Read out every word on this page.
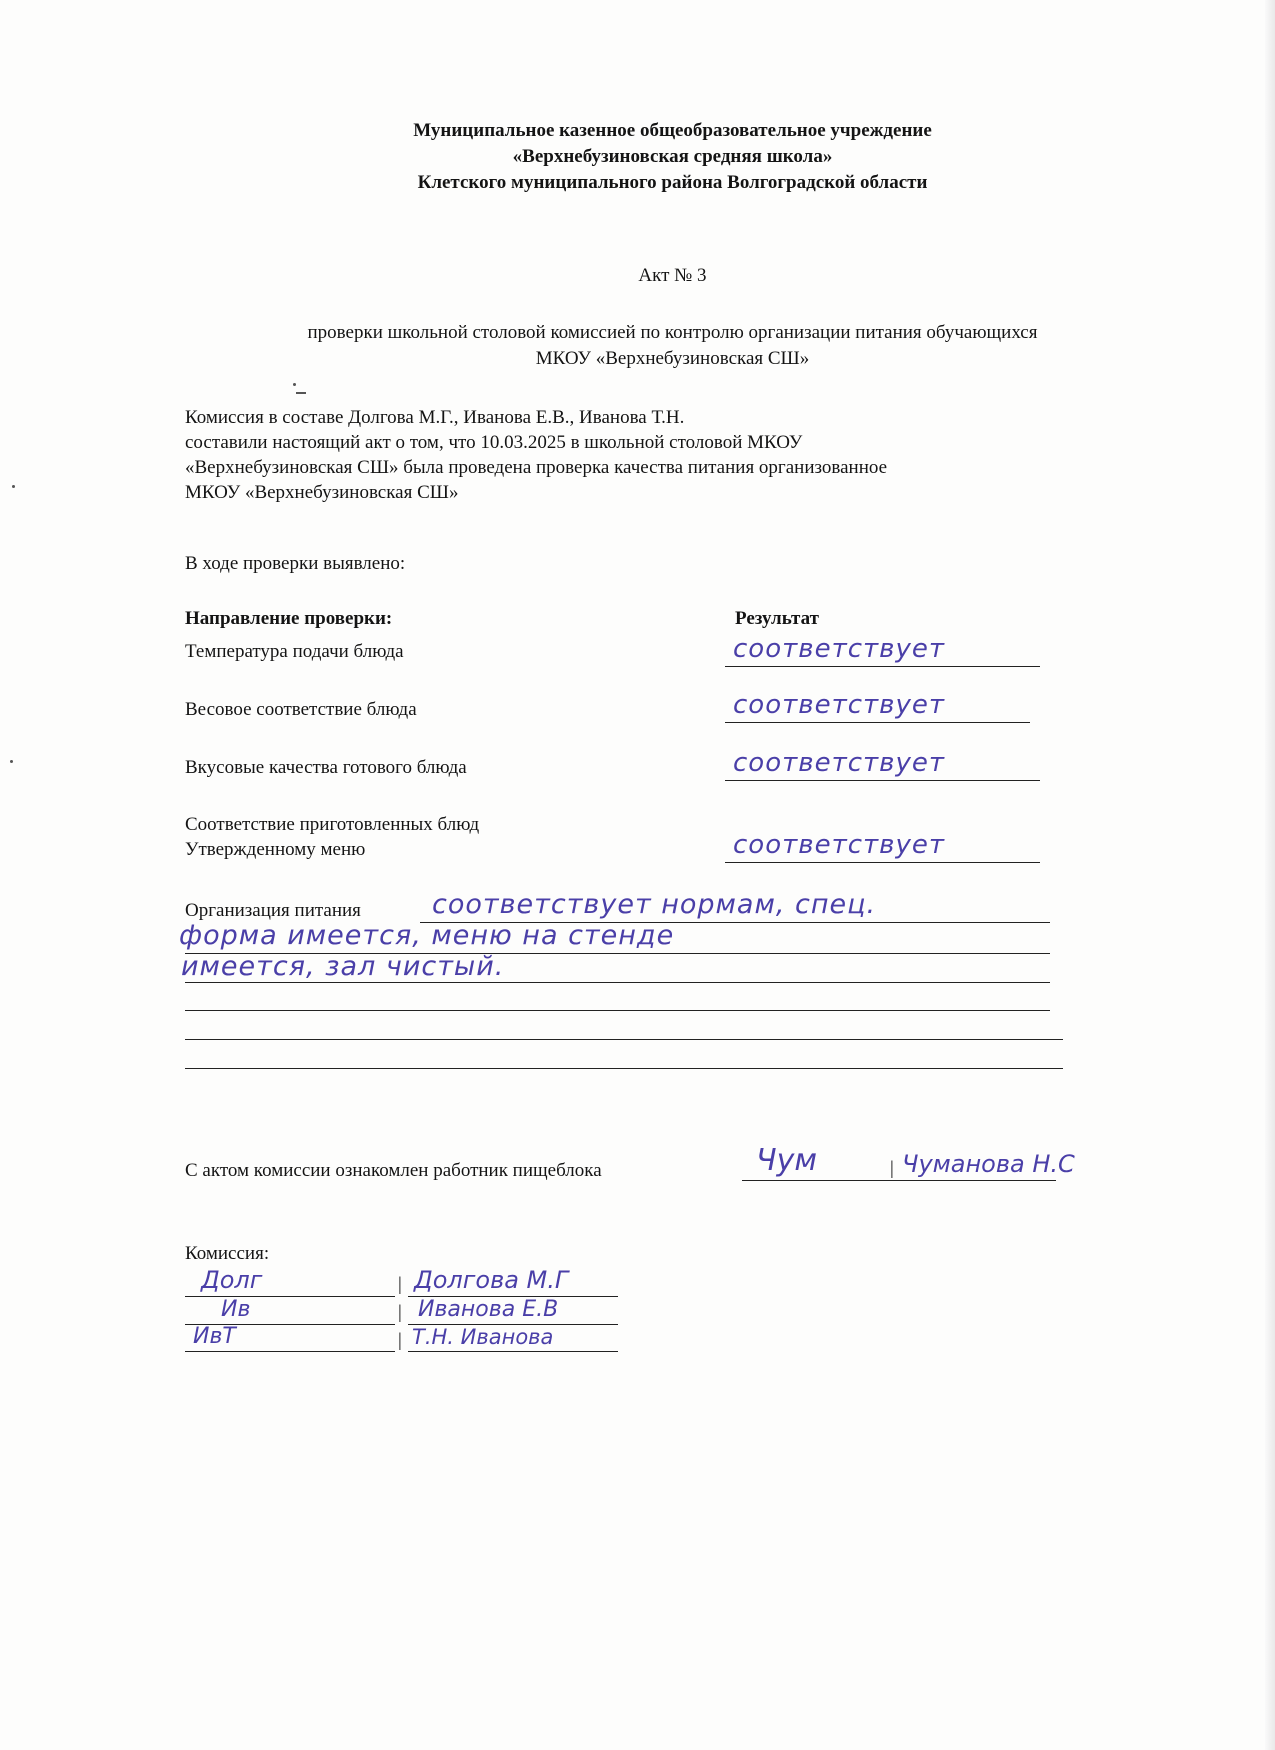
Муниципальное казенное общеобразовательное учреждение
«Верхнебузиновская средняя школа»
Клетского муниципального района Волгоградской области
Акт № 3
проверки школьной столовой комиссией по контролю организации питания обучающихся
МКОУ «Верхнебузиновская СШ»
Комиссия в составе Долгова М.Г., Иванова Е.В., Иванова Т.Н.
составили настоящий акт о том, что 10.03.2025 в школьной столовой МКОУ
«Верхнебузиновская СШ» была проведена проверка качества питания организованное
МКОУ «Верхнебузиновская СШ»
В ходе проверки выявлено:
Направление проверки:	Результат
Температура подачи блюда	соответствует
Весовое соответствие блюда	соответствует
Вкусовые качества готового блюда	соответствует
Соответствие приготовленных блюд
Утвержденному меню	соответствует
Организация питания	соответствует нормам, спец.
форма имеется, меню на стенде
имеется, зал чистый.
С актом комиссии ознакомлен работник пищеблока	Чум	| Чуманова Н.С
Комиссия:
Долг	| Долгова М.Г
Ив	| Иванова Е.В
ИвТ	| Т.Н. Иванова
